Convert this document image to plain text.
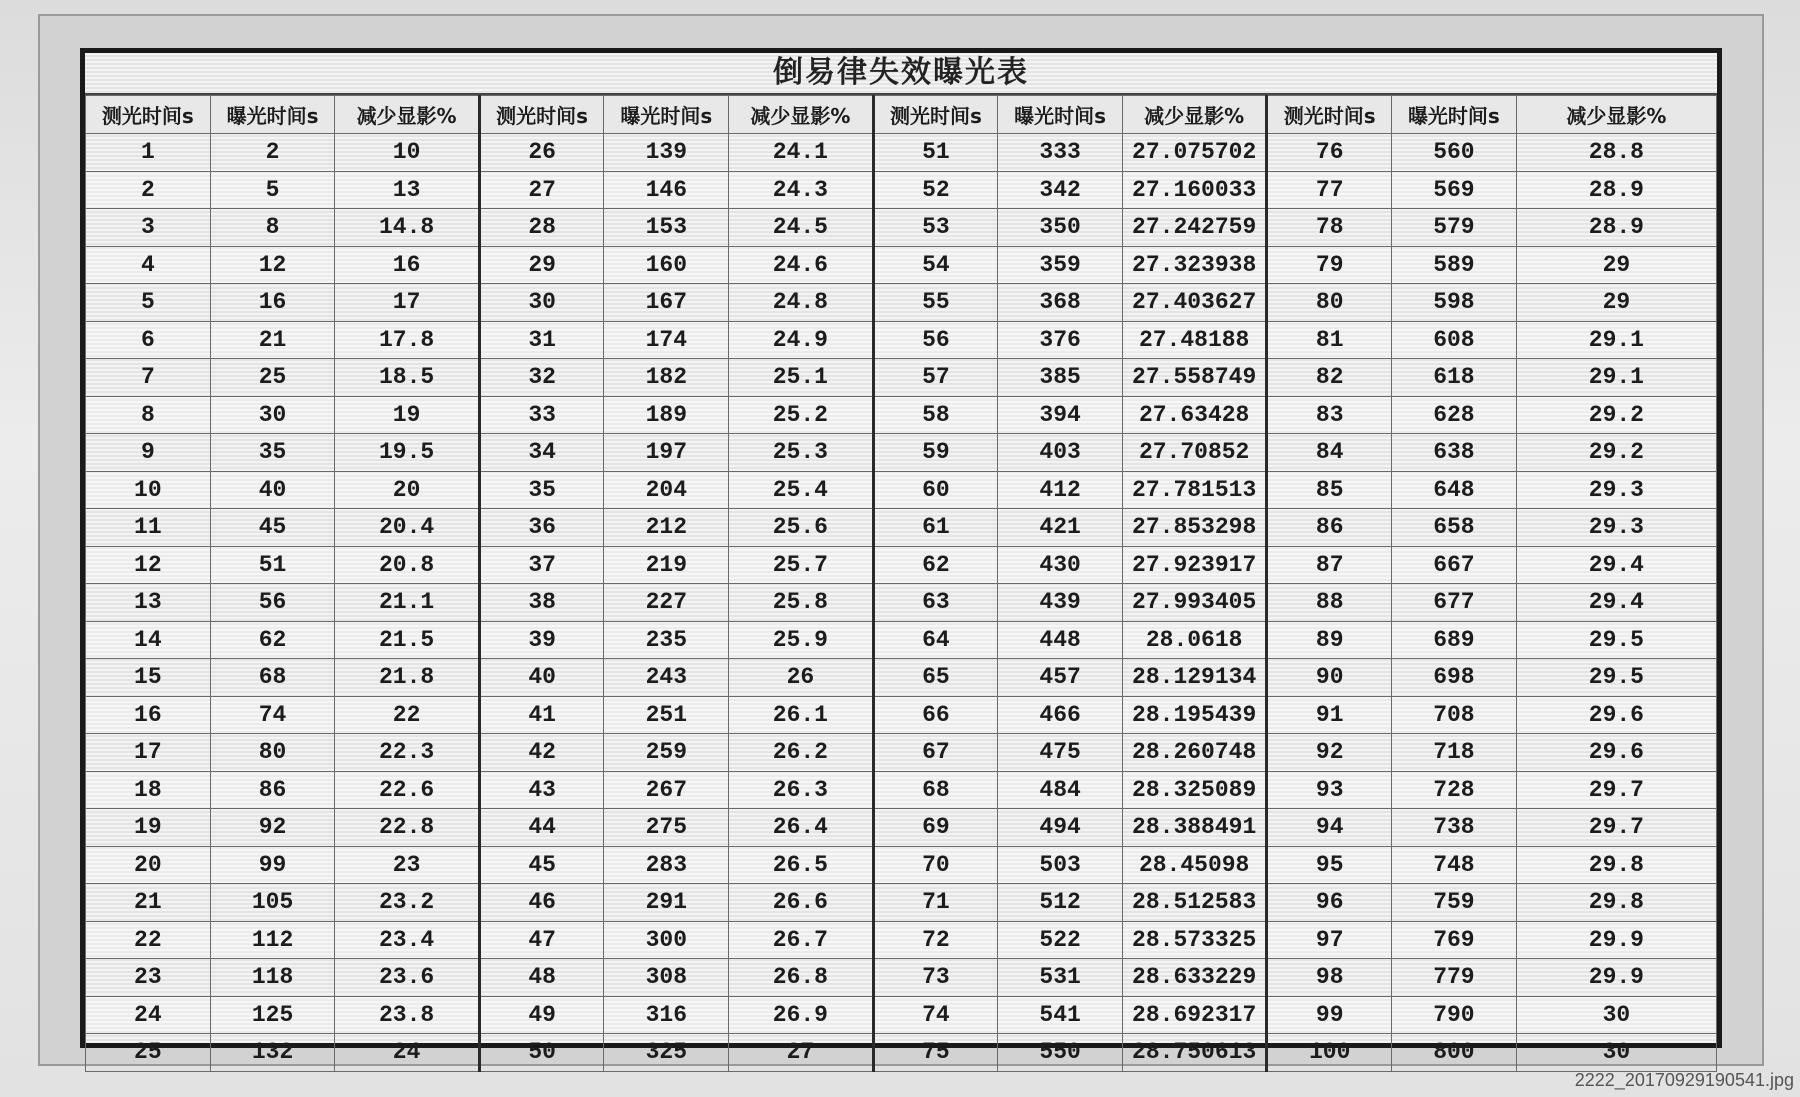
倒易律失效曝光表
测光时间s	曝光时间s	减少显影%	测光时间s	曝光时间s	减少显影%	测光时间s	曝光时间s	减少显影%	测光时间s	曝光时间s	减少显影%
1	2	10	26	139	24.1	51	333	27.075702	76	560	28.8
2	5	13	27	146	24.3	52	342	27.160033	77	569	28.9
3	8	14.8	28	153	24.5	53	350	27.242759	78	579	28.9
4	12	16	29	160	24.6	54	359	27.323938	79	589	29
5	16	17	30	167	24.8	55	368	27.403627	80	598	29
6	21	17.8	31	174	24.9	56	376	27.48188	81	608	29.1
7	25	18.5	32	182	25.1	57	385	27.558749	82	618	29.1
8	30	19	33	189	25.2	58	394	27.63428	83	628	29.2
9	35	19.5	34	197	25.3	59	403	27.70852	84	638	29.2
10	40	20	35	204	25.4	60	412	27.781513	85	648	29.3
11	45	20.4	36	212	25.6	61	421	27.853298	86	658	29.3
12	51	20.8	37	219	25.7	62	430	27.923917	87	667	29.4
13	56	21.1	38	227	25.8	63	439	27.993405	88	677	29.4
14	62	21.5	39	235	25.9	64	448	28.0618	89	689	29.5
15	68	21.8	40	243	26	65	457	28.129134	90	698	29.5
16	74	22	41	251	26.1	66	466	28.195439	91	708	29.6
17	80	22.3	42	259	26.2	67	475	28.260748	92	718	29.6
18	86	22.6	43	267	26.3	68	484	28.325089	93	728	29.7
19	92	22.8	44	275	26.4	69	494	28.388491	94	738	29.7
20	99	23	45	283	26.5	70	503	28.45098	95	748	29.8
21	105	23.2	46	291	26.6	71	512	28.512583	96	759	29.8
22	112	23.4	47	300	26.7	72	522	28.573325	97	769	29.9
23	118	23.6	48	308	26.8	73	531	28.633229	98	779	29.9
24	125	23.8	49	316	26.9	74	541	28.692317	99	790	30
25	132	24	50	325	27	75	550	28.750613	100	800	30
2222_20170929190541.jpg
